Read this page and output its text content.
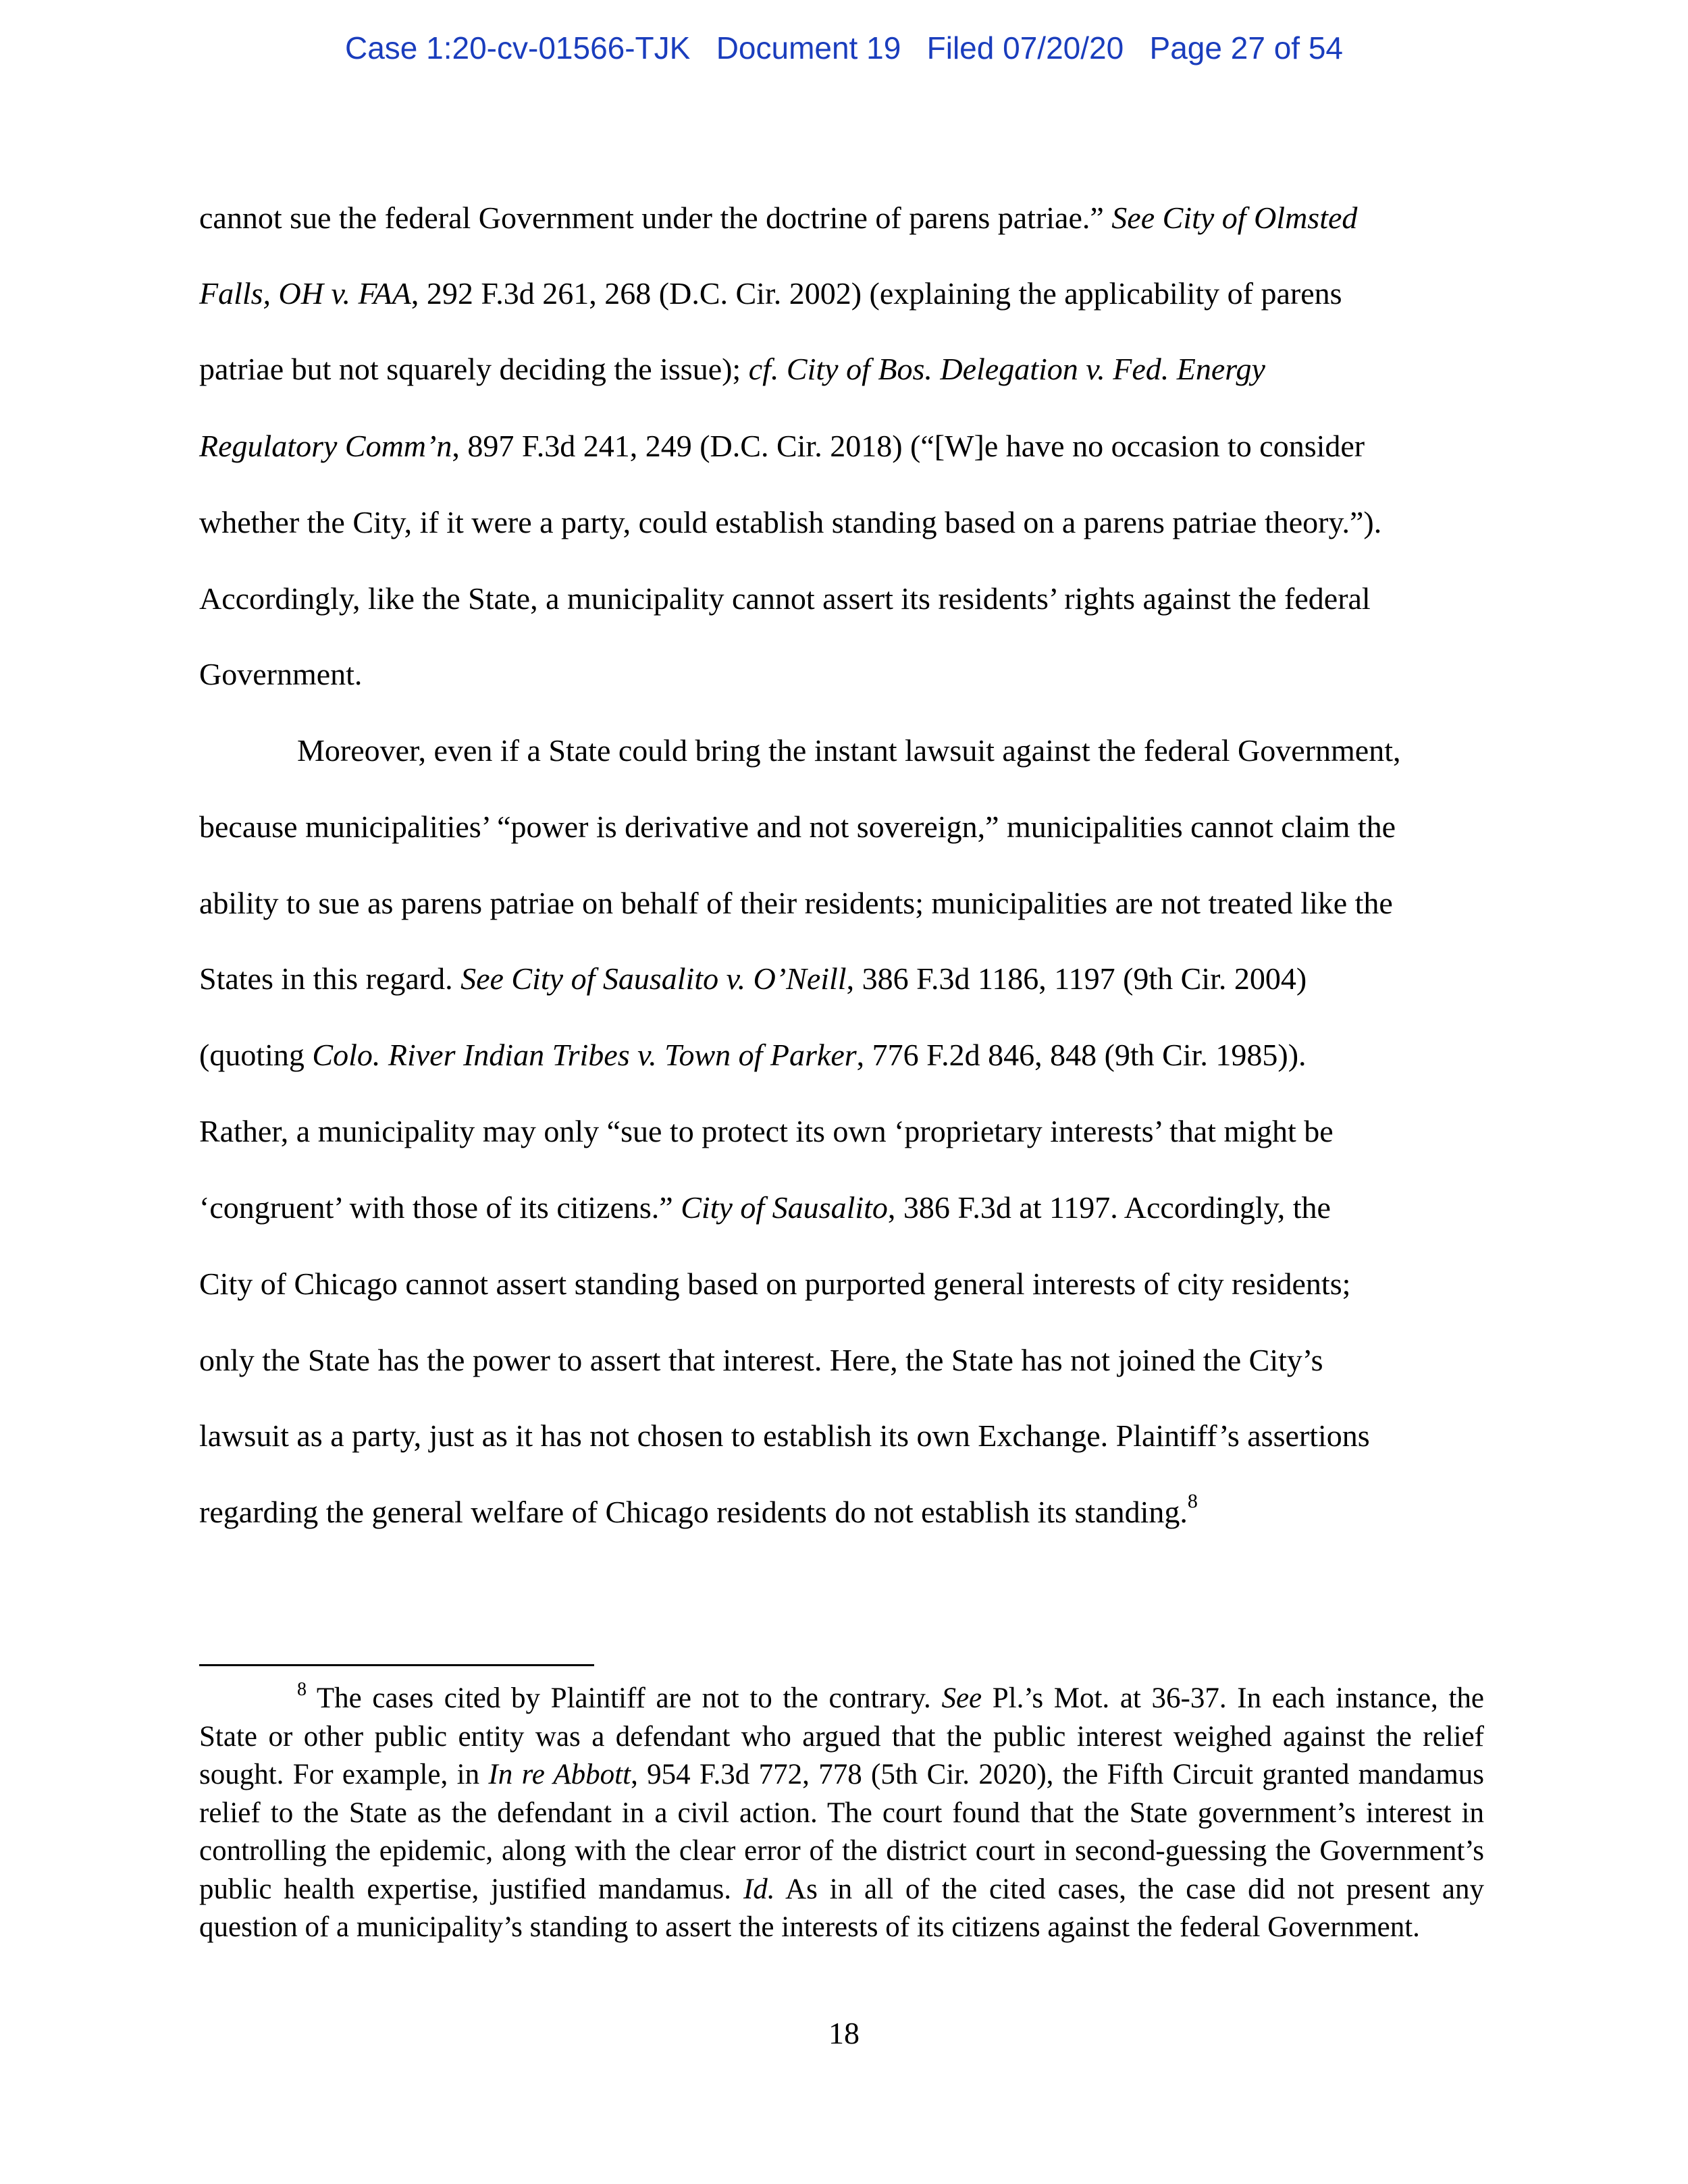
Case 1:20-cv-01566-TJK Document 19 Filed 07/20/20 Page 27 of 54
cannot sue the federal Government under the doctrine of parens patriae.” See City of Olmsted
Falls, OH v. FAA, 292 F.3d 261, 268 (D.C. Cir. 2002) (explaining the applicability of parens
patriae but not squarely deciding the issue); cf. City of Bos. Delegation v. Fed. Energy
Regulatory Comm’n, 897 F.3d 241, 249 (D.C. Cir. 2018) (“[W]e have no occasion to consider
whether the City, if it were a party, could establish standing based on a parens patriae theory.”).
Accordingly, like the State, a municipality cannot assert its residents’ rights against the federal
Government.
Moreover, even if a State could bring the instant lawsuit against the federal Government,
because municipalities’ “power is derivative and not sovereign,” municipalities cannot claim the
ability to sue as parens patriae on behalf of their residents; municipalities are not treated like the
States in this regard. See City of Sausalito v. O’Neill, 386 F.3d 1186, 1197 (9th Cir. 2004)
(quoting Colo. River Indian Tribes v. Town of Parker, 776 F.2d 846, 848 (9th Cir. 1985)).
Rather, a municipality may only “sue to protect its own ‘proprietary interests’ that might be
‘congruent’ with those of its citizens.” City of Sausalito, 386 F.3d at 1197. Accordingly, the
City of Chicago cannot assert standing based on purported general interests of city residents;
only the State has the power to assert that interest. Here, the State has not joined the City’s
lawsuit as a party, just as it has not chosen to establish its own Exchange. Plaintiff’s assertions
regarding the general welfare of Chicago residents do not establish its standing.$^8$
$^8$ The cases cited by Plaintiff are not to the contrary. See Pl.’s Mot. at 36-37. In each instance, the State or other public entity was a defendant who argued that the public interest weighed against the relief sought. For example, in In re Abbott, 954 F.3d 772, 778 (5th Cir. 2020), the Fifth Circuit granted mandamus relief to the State as the defendant in a civil action. The court found that the State government’s interest in controlling the epidemic, along with the clear error of the district court in second-guessing the Government’s public health expertise, justified mandamus. Id. As in all of the cited cases, the case did not present any question of a municipality’s standing to assert the interests of its citizens against the federal Government.
18
